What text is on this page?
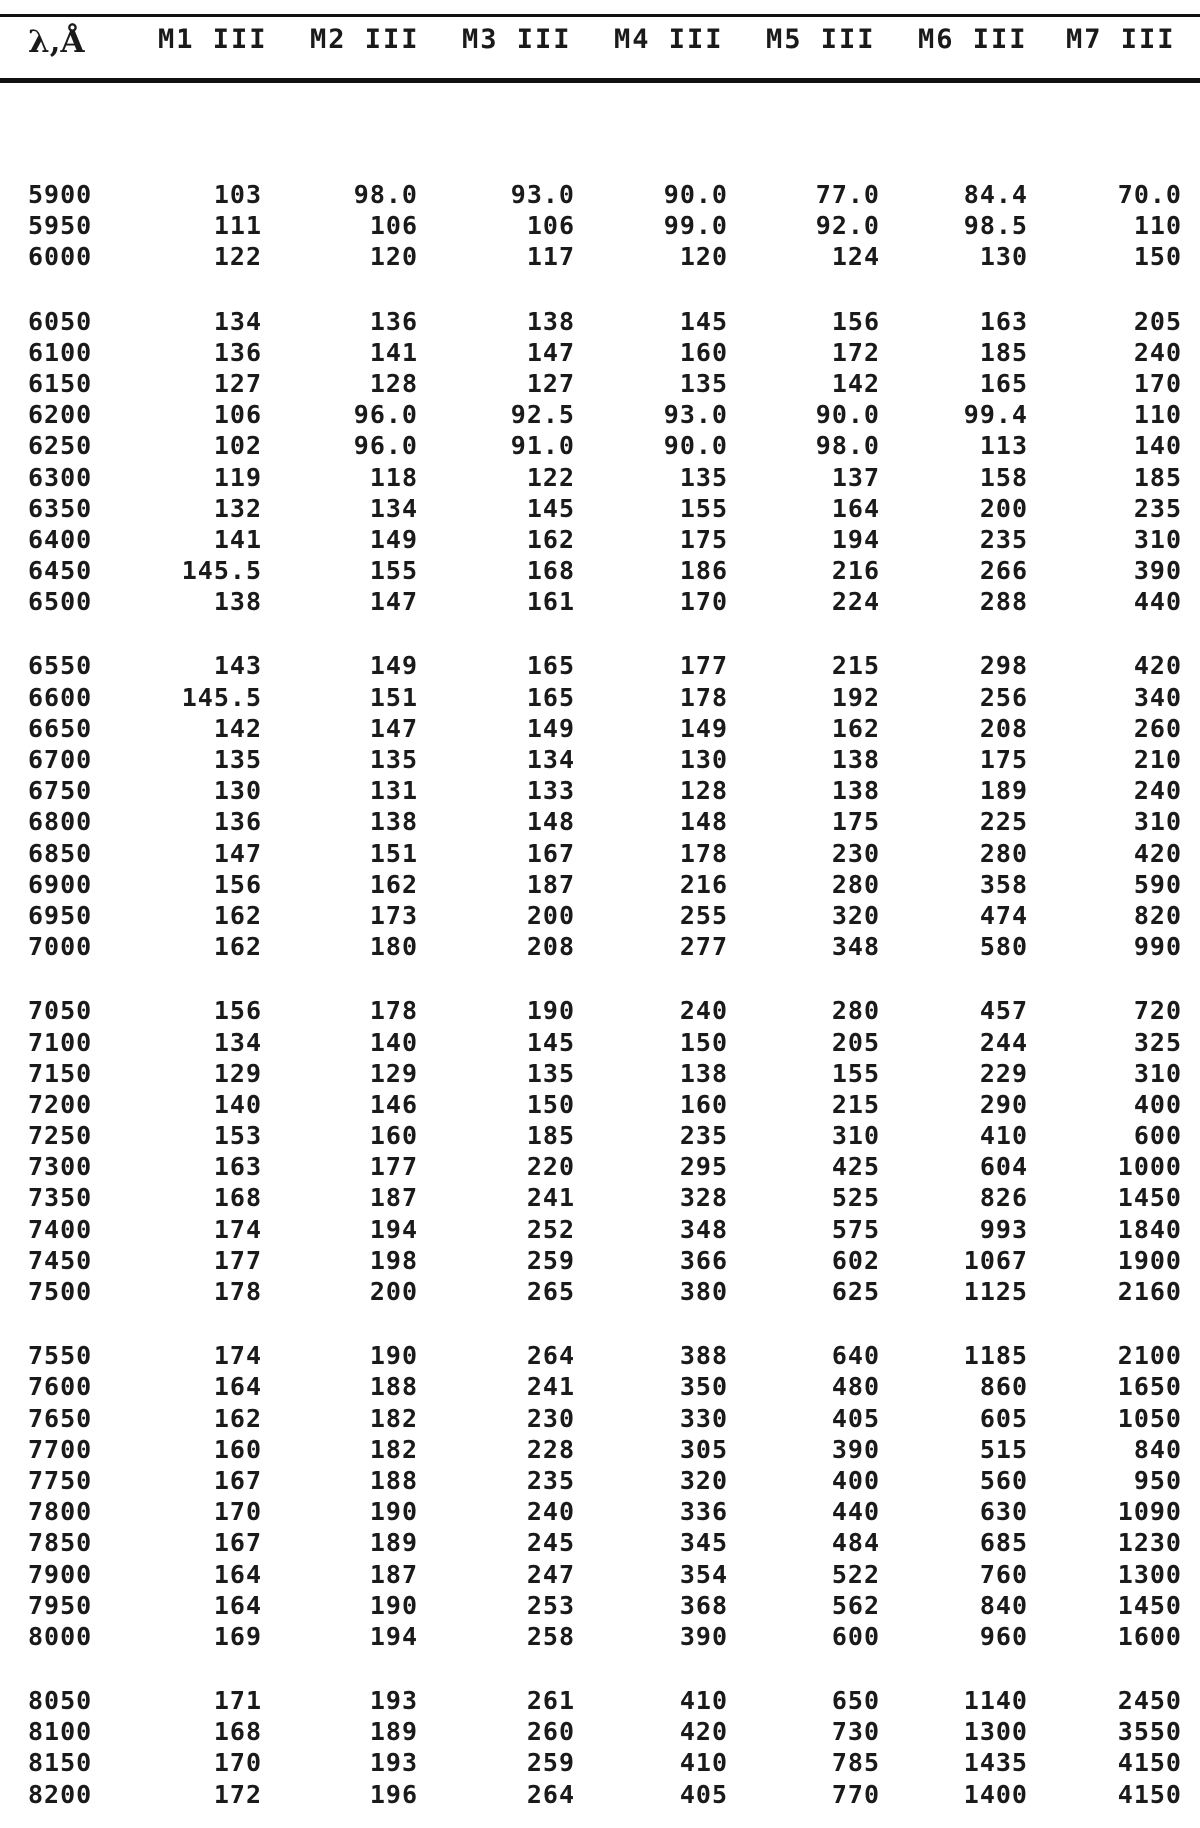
λ,Å	M1 III M2 III M3 III M4 III M5 III M6 III M7 III
5900	103	98.0	93.0	90.0	77.0	84.4	70.0
5950	111	106	106	99.0	92.0	98.5	110
6000	122	120	117	120	124	130	150
6050	134	136	138	145	156	163	205
6100	136	141	147	160	172	185	240
6150	127	128	127	135	142	165	170
6200	106	96.0	92.5	93.0	90.0	99.4	110
6250	102	96.0	91.0	90.0	98.0	113	140
6300	119	118	122	135	137	158	185
6350	132	134	145	155	164	200	235
6400	141	149	162	175	194	235	310
6450	145.5	155	168	186	216	266	390
6500	138	147	161	170	224	288	440
6550	143	149	165	177	215	298	420
6600	145.5	151	165	178	192	256	340
6650	142	147	149	149	162	208	260
6700	135	135	134	130	138	175	210
6750	130	131	133	128	138	189	240
6800	136	138	148	148	175	225	310
6850	147	151	167	178	230	280	420
6900	156	162	187	216	280	358	590
6950	162	173	200	255	320	474	820
7000	162	180	208	277	348	580	990
7050	156	178	190	240	280	457	720
7100	134	140	145	150	205	244	325
7150	129	129	135	138	155	229	310
7200	140	146	150	160	215	290	400
7250	153	160	185	235	310	410	600
7300	163	177	220	295	425	604	1000
7350	168	187	241	328	525	826	1450
7400	174	194	252	348	575	993	1840
7450	177	198	259	366	602	1067	1900
7500	178	200	265	380	625	1125	2160
7550	174	190	264	388	640	1185	2100
7600	164	188	241	350	480	860	1650
7650	162	182	230	330	405	605	1050
7700	160	182	228	305	390	515	840
7750	167	188	235	320	400	560	950
7800	170	190	240	336	440	630	1090
7850	167	189	245	345	484	685	1230
7900	164	187	247	354	522	760	1300
7950	164	190	253	368	562	840	1450
8000	169	194	258	390	600	960	1600
8050	171	193	261	410	650	1140	2450
8100	168	189	260	420	730	1300	3550
8150	170	193	259	410	785	1435	4150
8200	172	196	264	405	770	1400	4150
